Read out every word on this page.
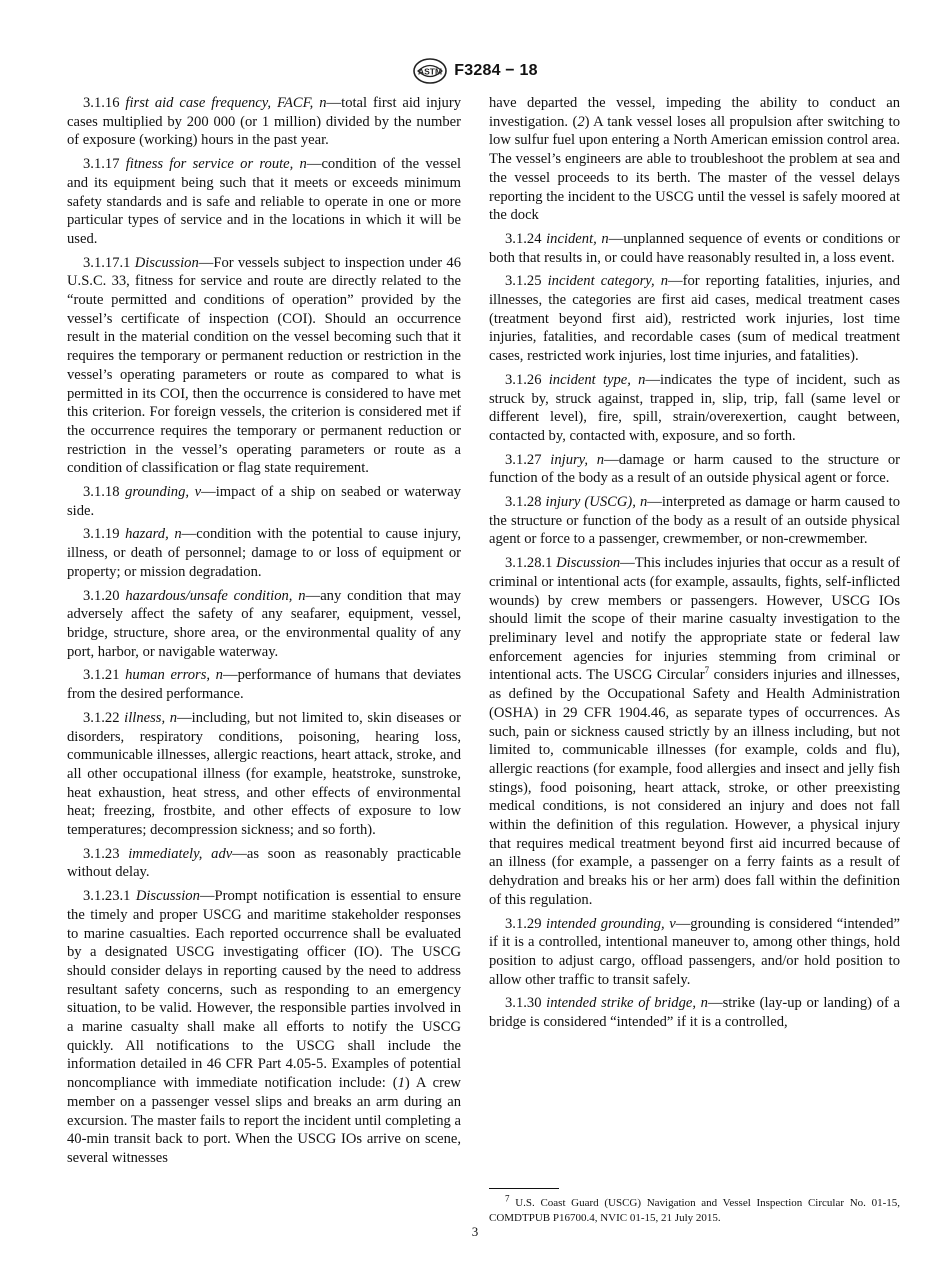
ASTM F3284 − 18

3.1.16 first aid case frequency, FACF, n—total first aid injury cases multiplied by 200 000 (or 1 million) divided by the number of exposure (working) hours in the past year.

3.1.17 fitness for service or route, n—condition of the vessel and its equipment being such that it meets or exceeds minimum safety standards and is safe and reliable to operate in one or more particular types of service and in the locations in which it will be used.

3.1.17.1 Discussion—For vessels subject to inspection under 46 U.S.C. 33, fitness for service and route are directly related to the “route permitted and conditions of operation” provided by the vessel’s certificate of inspection (COI). Should an occurrence result in the material condition on the vessel becoming such that it requires the temporary or permanent reduction or restriction in the vessel’s operating parameters or route as compared to what is permitted in its COI, then the occurrence is considered to have met this criterion. For foreign vessels, the criterion is considered met if the occurrence requires the temporary or permanent reduction or restriction in the vessel’s operating parameters or route as a condition of classification or flag state requirement.

3.1.18 grounding, v—impact of a ship on seabed or waterway side.

3.1.19 hazard, n—condition with the potential to cause injury, illness, or death of personnel; damage to or loss of equipment or property; or mission degradation.

3.1.20 hazardous/unsafe condition, n—any condition that may adversely affect the safety of any seafarer, equipment, vessel, bridge, structure, shore area, or the environmental quality of any port, harbor, or navigable waterway.

3.1.21 human errors, n—performance of humans that deviates from the desired performance.

3.1.22 illness, n—including, but not limited to, skin diseases or disorders, respiratory conditions, poisoning, hearing loss, communicable illnesses, allergic reactions, heart attack, stroke, and all other occupational illness (for example, heatstroke, sunstroke, heat exhaustion, heat stress, and other effects of environmental heat; freezing, frostbite, and other effects of exposure to low temperatures; decompression sickness; and so forth).

3.1.23 immediately, adv—as soon as reasonably practicable without delay.

3.1.23.1 Discussion—Prompt notification is essential to ensure the timely and proper USCG and maritime stakeholder responses to marine casualties. Each reported occurrence shall be evaluated by a designated USCG investigating officer (IO). The USCG should consider delays in reporting caused by the need to address resultant safety concerns, such as responding to an emergency situation, to be valid. However, the responsible parties involved in a marine casualty shall make all efforts to notify the USCG quickly. All notifications to the USCG shall include the information detailed in 46 CFR Part 4.05-5. Examples of potential noncompliance with immediate notification include: (1) A crew member on a passenger vessel slips and breaks an arm during an excursion. The master fails to report the incident until completing a 40-min transit back to port. When the USCG IOs arrive on scene, several witnesses

have departed the vessel, impeding the ability to conduct an investigation. (2) A tank vessel loses all propulsion after switching to low sulfur fuel upon entering a North American emission control area. The vessel’s engineers are able to troubleshoot the problem at sea and the vessel proceeds to its berth. The master of the vessel delays reporting the incident to the USCG until the vessel is safely moored at the dock

3.1.24 incident, n—unplanned sequence of events or conditions or both that results in, or could have reasonably resulted in, a loss event.

3.1.25 incident category, n—for reporting fatalities, injuries, and illnesses, the categories are first aid cases, medical treatment cases (treatment beyond first aid), restricted work injuries, lost time injuries, fatalities, and recordable cases (sum of medical treatment cases, restricted work injuries, lost time injuries, and fatalities).

3.1.26 incident type, n—indicates the type of incident, such as struck by, struck against, trapped in, slip, trip, fall (same level or different level), fire, spill, strain/overexertion, caught between, contacted by, contacted with, exposure, and so forth.

3.1.27 injury, n—damage or harm caused to the structure or function of the body as a result of an outside physical agent or force.

3.1.28 injury (USCG), n—interpreted as damage or harm caused to the structure or function of the body as a result of an outside physical agent or force to a passenger, crewmember, or non-crewmember.

3.1.28.1 Discussion—This includes injuries that occur as a result of criminal or intentional acts (for example, assaults, fights, self-inflicted wounds) by crew members or passengers. However, USCG IOs should limit the scope of their marine casualty investigation to the preliminary level and notify the appropriate state or federal law enforcement agencies for injuries stemming from criminal or intentional acts. The USCG Circular$^7$ considers injuries and illnesses, as defined by the Occupational Safety and Health Administration (OSHA) in 29 CFR 1904.46, as separate types of occurrences. As such, pain or sickness caused strictly by an illness including, but not limited to, communicable illnesses (for example, colds and flu), allergic reactions (for example, food allergies and insect and jelly fish stings), food poisoning, heart attack, stroke, or other preexisting medical conditions, is not considered an injury and does not fall within the definition of this regulation. However, a physical injury that requires medical treatment beyond first aid incurred because of an illness (for example, a passenger on a ferry faints as a result of dehydration and breaks his or her arm) does fall within the definition of this regulation.

3.1.29 intended grounding, v—grounding is considered “intended” if it is a controlled, intentional maneuver to, among other things, hold position to adjust cargo, offload passengers, and/or hold position to allow other traffic to transit safely.

3.1.30 intended strike of bridge, n—strike (lay-up or landing) of a bridge is considered “intended” if it is a controlled,

$^7$ U.S. Coast Guard (USCG) Navigation and Vessel Inspection Circular No. 01-15, COMDTPUB P16700.4, NVIC 01-15, 21 July 2015.
3
